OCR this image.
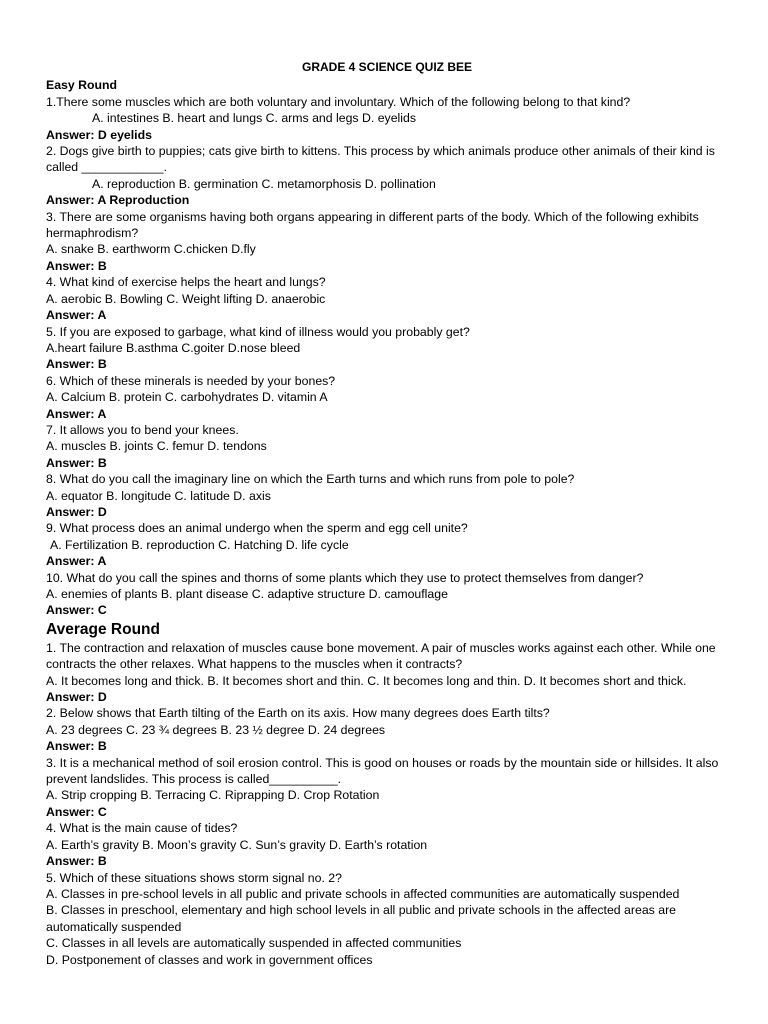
GRADE 4 SCIENCE QUIZ BEE
Easy Round
1.There some muscles which are both voluntary and involuntary. Which of the following belong to that kind?
A. intestines B. heart and lungs C. arms and legs D. eyelids
Answer: D eyelids
2. Dogs give birth to puppies; cats give birth to kittens. This process by which animals produce other animals of their kind is called ____________.
A. reproduction B. germination C. metamorphosis D. pollination
Answer: A Reproduction
3. There are some organisms having both organs appearing in different parts of the body. Which of the following exhibits hermaphrodism?
A. snake B. earthworm C.chicken D.fly
Answer: B
4. What kind of exercise helps the heart and lungs?
A. aerobic B. Bowling C. Weight lifting D. anaerobic
Answer: A
5. If you are exposed to garbage, what kind of illness would you probably get?
A.heart failure B.asthma C.goiter D.nose bleed
Answer: B
6. Which of these minerals is needed by your bones?
A. Calcium B. protein C. carbohydrates D. vitamin A
Answer: A
7. It allows you to bend your knees.
A. muscles B. joints C. femur D. tendons
Answer: B
8. What do you call the imaginary line on which the Earth turns and which runs from pole to pole?
A. equator B. longitude C. latitude D. axis
Answer: D
9. What process does an animal undergo when the sperm and egg cell unite?
A. Fertilization B. reproduction C. Hatching D. life cycle
Answer: A
10. What do you call the spines and thorns of some plants which they use to protect themselves from danger?
A. enemies of plants B. plant disease C. adaptive structure D. camouflage
Answer: C
Average Round
1. The contraction and relaxation of muscles cause bone movement. A pair of muscles works against each other. While one contracts the other relaxes. What happens to the muscles when it contracts?
A. It becomes long and thick. B. It becomes short and thin. C. It becomes long and thin. D. It becomes short and thick.
Answer: D
2. Below shows that Earth tilting of the Earth on its axis. How many degrees does Earth tilts?
A. 23 degrees C. 23 ¾ degrees B. 23 ½ degree D. 24 degrees
Answer: B
3. It is a mechanical method of soil erosion control. This is good on houses or roads by the mountain side or hillsides. It also prevent landslides. This process is called__________.
A. Strip cropping B. Terracing C. Riprapping D. Crop Rotation
Answer: C
4. What is the main cause of tides?
A. Earth’s gravity B. Moon’s gravity C. Sun’s gravity D. Earth’s rotation
Answer: B
5. Which of these situations shows storm signal no. 2?
A. Classes in pre-school levels in all public and private schools in affected communities are automatically suspended
B. Classes in preschool, elementary and high school levels in all public and private schools in the affected areas are automatically suspended
C. Classes in all levels are automatically suspended in affected communities
D. Postponement of classes and work in government offices
